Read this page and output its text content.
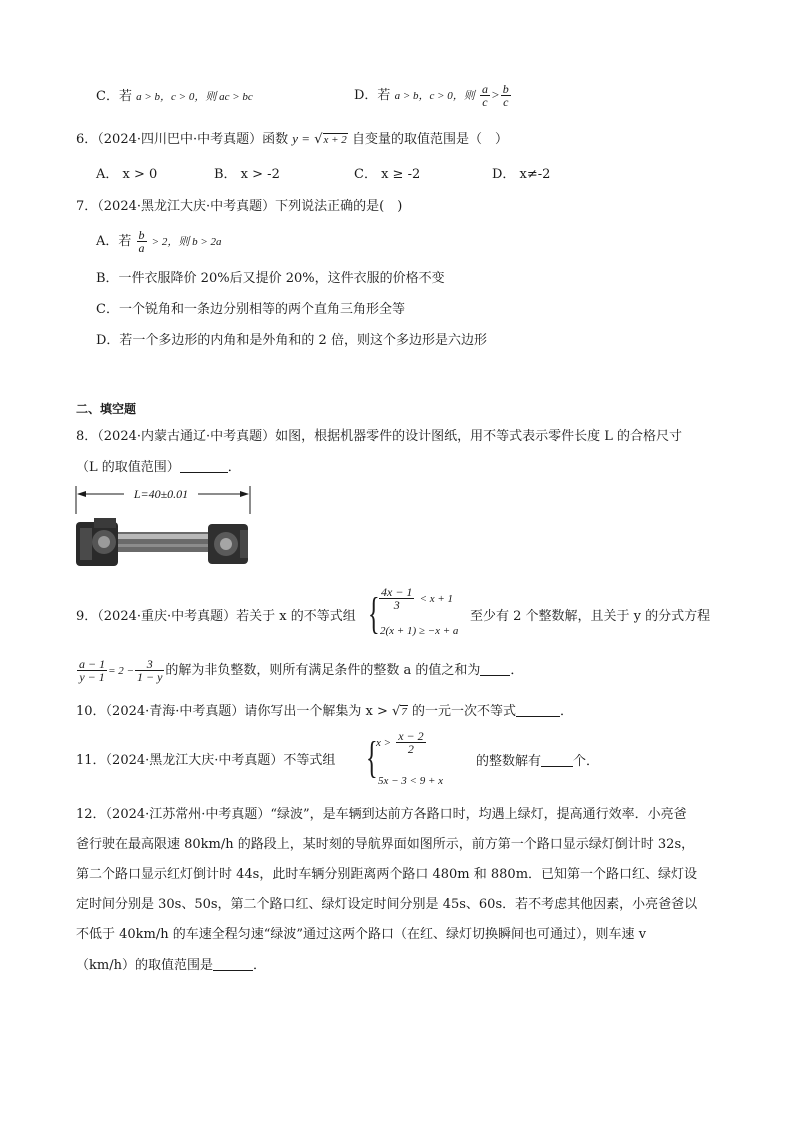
C．若 a > b，c > 0，则 ac > bc	D．若 a > b，c > 0，则 $\frac{a}{c} > \frac{b}{c}$
6．（2024·四川巴中·中考真题）函数 y = √x + 2 自变量的取值范围是（　）
A． x > 0	B． x > -2	C． x ≥ -2	D． x≠-2
7．（2024·黑龙江大庆·中考真题）下列说法正确的是(　)
A．若 $\frac{b}{a} > 2$，则 b > 2a
B．一件衣服降价 20%后又提价 20%，这件衣服的价格不变
C．一个锐角和一条边分别相等的两个直角三角形全等
D．若一个多边形的内角和是外角和的 2 倍，则这个多边形是六边形
二、填空题
8．（2024·内蒙古通辽·中考真题）如图，根据机器零件的设计图纸，用不等式表示零件长度 L 的合格尺寸
（L 的取值范围）	．
L=40±0.01
9．（2024·重庆·中考真题）若关于 x 的不等式组 { $\frac{4x - 1}{3} < x + 1$
2(x + 1) ≥ −x + a
至少有 2 个整数解，且关于 y 的分式方程
$\frac{a - 1}{y - 1} = 2 - \frac{3}{1 - y}$ 的解为非负整数，则所有满足条件的整数 a 的值之和为 ．
10．（2024·青海·中考真题）请你写出一个解集为 x > √7 的一元一次不等式	．
11．（2024·黑龙江大庆·中考真题）不等式组 {
$x > \frac{x - 2}{2}$
5x − 3 < 9 + x
的整数解有 个．
12．（2024·江苏常州·中考真题）“绿波”，是车辆到达前方各路口时，均遇上绿灯，提高通行效率．小亮爸
爸行驶在最高限速 80km/h 的路段上，某时刻的导航界面如图所示，前方第一个路口显示绿灯倒计时 32s，
第二个路口显示红灯倒计时 44s，此时车辆分别距离两个路口 480m 和 880m．已知第一个路口红、绿灯设
定时间分别是 30s、50s，第二个路口红、绿灯设定时间分别是 45s、60s．若不考虑其他因素，小亮爸爸以
不低于 40km/h 的车速全程匀速“绿波”通过这两个路口（在红、绿灯切换瞬间也可通过），则车速 v
（km/h）的取值范围是	．
